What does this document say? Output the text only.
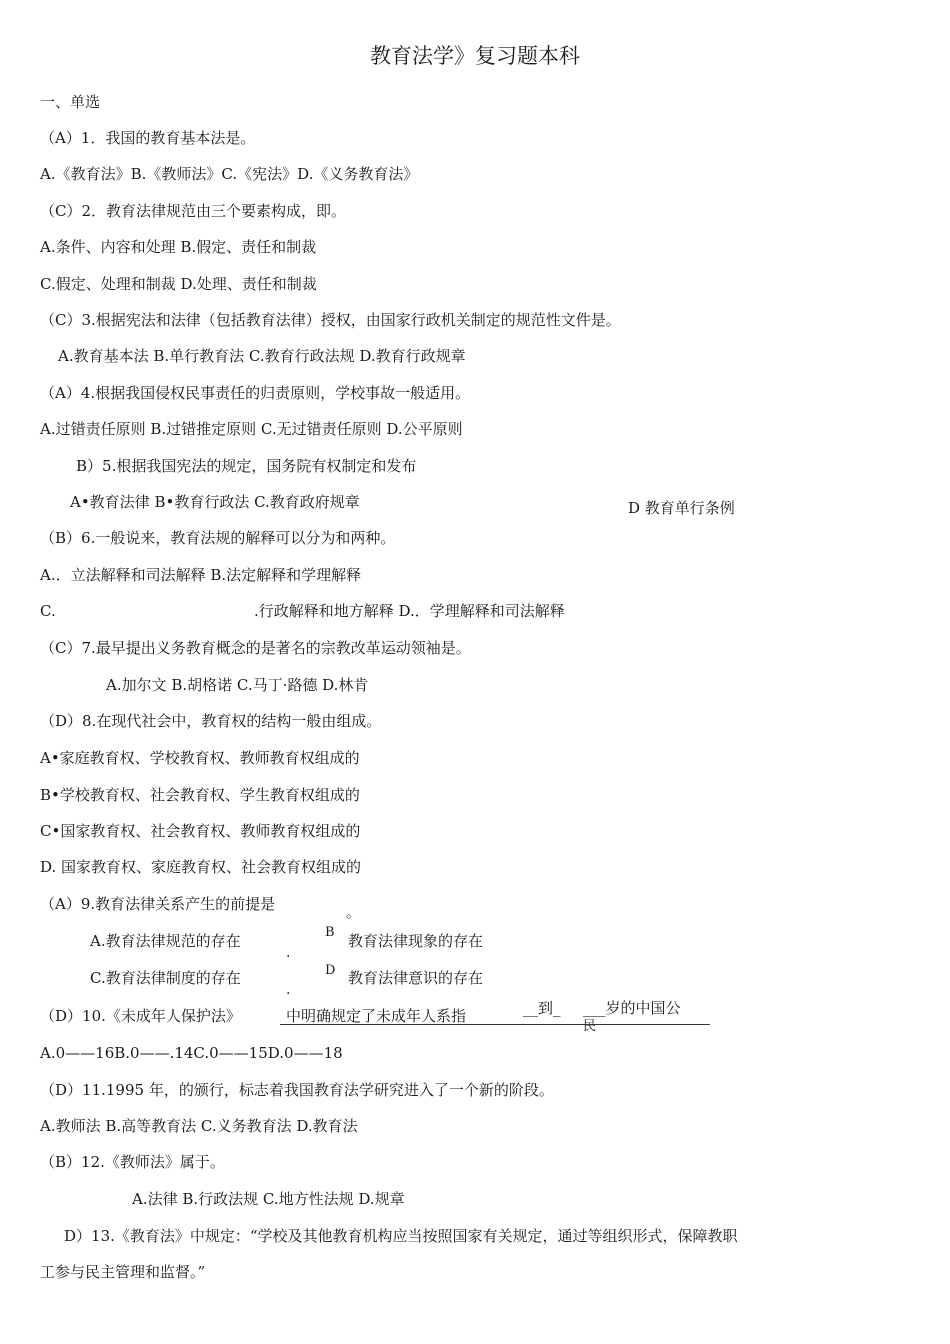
教育法学》复习题本科
一、单选
（A）1．我国的教育基本法是。
A.《教育法》B.《教师法》C.《宪法》D.《义务教育法》
（C）2．教育法律规范由三个要素构成，即。
A.条件、内容和处理 B.假定、责任和制裁
C.假定、处理和制裁 D.处理、责任和制裁
（C）3.根据宪法和法律（包括教育法律）授权，由国家行政机关制定的规范性文件是。
A.教育基本法 B.单行教育法 C.教育行政法规 D.教育行政规章
（A）4.根据我国侵权民事责任的归责原则，学校事故一般适用。
A.过错责任原则 B.过错推定原则 C.无过错责任原则 D.公平原则
B）5.根据我国宪法的规定，国务院有权制定和发布
A•教育法律 B•教育行政法 C.教育政府规章	D 教育单行条例
（B）6.一般说来，教育法规的解释可以分为和两种。
A.．立法解释和司法解释 B.法定解释和学理解释
C.	.行政解释和地方解释 D.．学理解释和司法解释
（C）7.最早提出义务教育概念的是著名的宗教改革运动领袖是。
A.加尔文 B.胡格诺 C.马丁·路德 D.林肯
（D）8.在现代社会中，教育权的结构一般由组成。
A•家庭教育权、学校教育权、教师教育权组成的
B•学校教育权、社会教育权、学生教育权组成的
C•国家教育权、社会教育权、教师教育权组成的
D. 国家教育权、家庭教育权、社会教育权组成的
（A）9.教育法律关系产生的前提是	。
A.教育法律规范的存在
.
B 教育法律现象的存在
C.教育法律制度的存在
.
D 教育法律意识的存在
（D）10.《未成年人保护法》	中明确规定了未成年人系指	__到_ ___岁的中国公
民
A.0——16B.0——.14C.0——15D.0——18
（D）11.1995 年，的颁行，标志着我国教育法学研究进入了一个新的阶段。
A.教师法 B.高等教育法 C.义务教育法 D.教育法
（B）12.《教师法》属于。
A.法律 B.行政法规 C.地方性法规 D.规章
D）13.《教育法》中规定：“学校及其他教育机构应当按照国家有关规定，通过等组织形式，保障教职
工参与民主管理和监督。”
